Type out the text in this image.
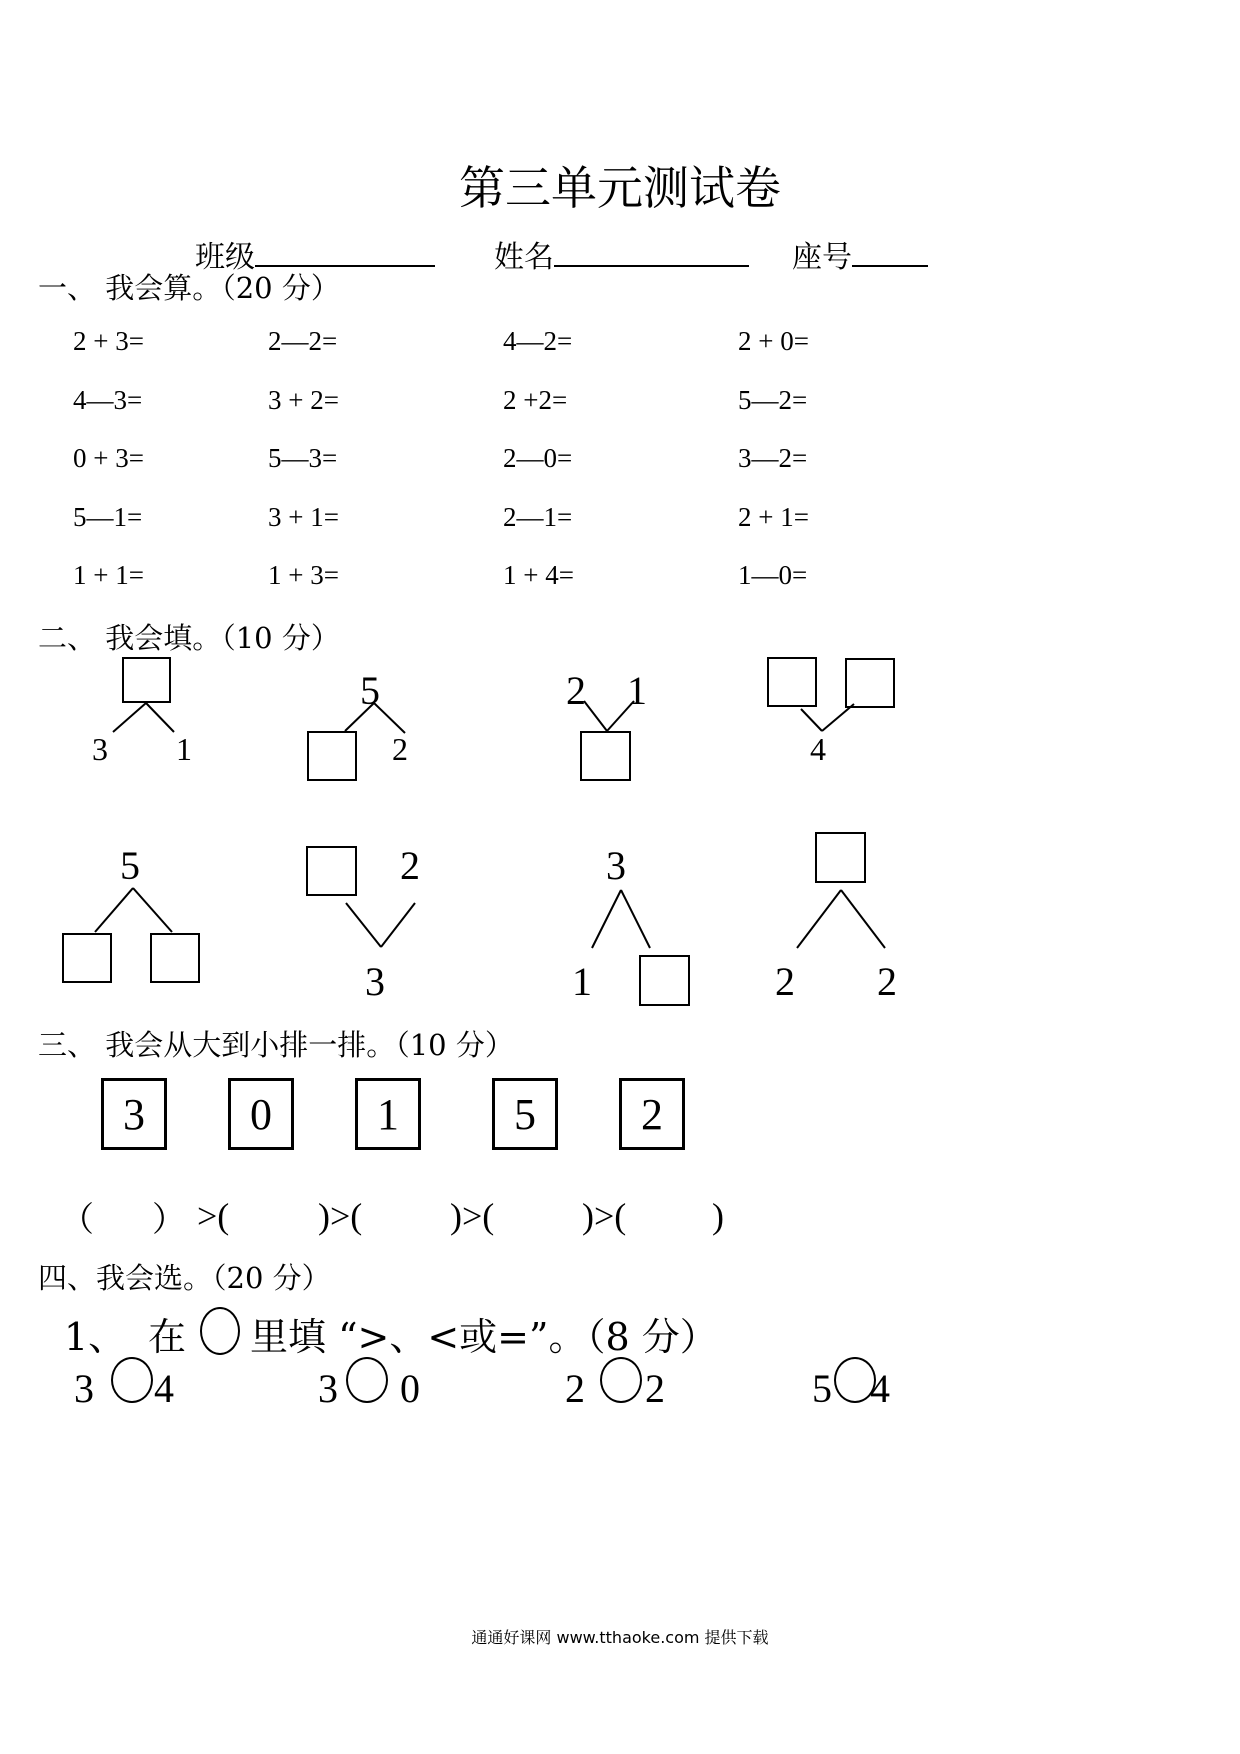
第三单元测试卷
班级	姓名	座号
一、 我会算。（20 分）
2 + 3=	2—2=	4—2=	2 + 0=
4—3=	3 + 2=	2 +2=	5—2=
0 + 3=	5—3=	2—0=	3—2=
5—1=	3 + 1=	2—1=	2 + 1=
1 + 1=	1 + 3=	1 + 4=	1—0=
二、 我会填。（10 分）
3 1
5
2
2 1
4
5	2
3
3
1	2 2
三、 我会从大到小排一排。（10 分）
3	0	1	5	2
（ ） >( )>( )>( )>( )
四、我会选。（20 分）
1、 在 里填 “>、<或=”。（8 分）
3 4	3 0	2 2	5 4
通通好课网 www.tthaoke.com 提供下载
